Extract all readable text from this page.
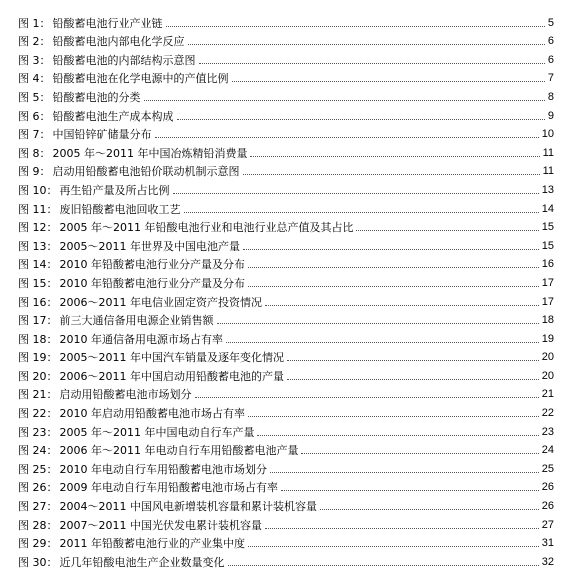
图 1 ： 铅酸蓄电池行业产业链	5
图 2 ： 铅酸蓄电池内部电化学反应	6
图 3 ： 铅酸蓄电池的内部结构示意图	6
图 4 ： 铅酸蓄电池在化学电源中的产值比例	7
图 5 ： 铅酸蓄电池的分类	8
图 6 ： 铅酸蓄电池生产成本构成	9
图 7 ： 中国铅锌矿储量分布	10
图 8 ： 2005 年～2011 年中国冶炼精铅消费量	11
图 9 ： 启动用铅酸蓄电池铅价联动机制示意图	11
图 10 ： 再生铅产量及所占比例	13
图 11 ： 废旧铅酸蓄电池回收工艺	14
图 12 ： 2005 年～2011 年铅酸电池行业和电池行业总产值及其占比	15
图 13 ： 2005～2011 年世界及中国电池产量	15
图 14 ： 2010 年铅酸蓄电池行业分产量及分布	16
图 15 ： 2010 年铅酸蓄电池行业分产量及分布	17
图 16 ： 2006～2011 年电信业固定资产投资情况	17
图 17 ： 前三大通信备用电源企业销售额	18
图 18 ： 2010 年通信备用电源市场占有率	19
图 19 ： 2005～2011 年中国汽车销量及逐年变化情况	20
图 20 ： 2006～2011 年中国启动用铅酸蓄电池的产量	20
图 21 ： 启动用铅酸蓄电池市场划分	21
图 22 ： 2010 年启动用铅酸蓄电池市场占有率	22
图 23 ： 2005 年～2011 年中国电动自行车产量	23
图 24 ： 2006 年～2011 年电动自行车用铅酸蓄电池产量	24
图 25 ： 2010 年电动自行车用铅酸蓄电池市场划分	25
图 26 ： 2009 年电动自行车用铅酸蓄电池市场占有率	26
图 27 ： 2004～2011 中国风电新增装机容量和累计装机容量	26
图 28 ： 2007～2011 中国光伏发电累计装机容量	27
图 29 ： 2011 年铅酸蓄电池行业的产业集中度	31
图 30 ： 近几年铅酸电池生产企业数量变化	32
